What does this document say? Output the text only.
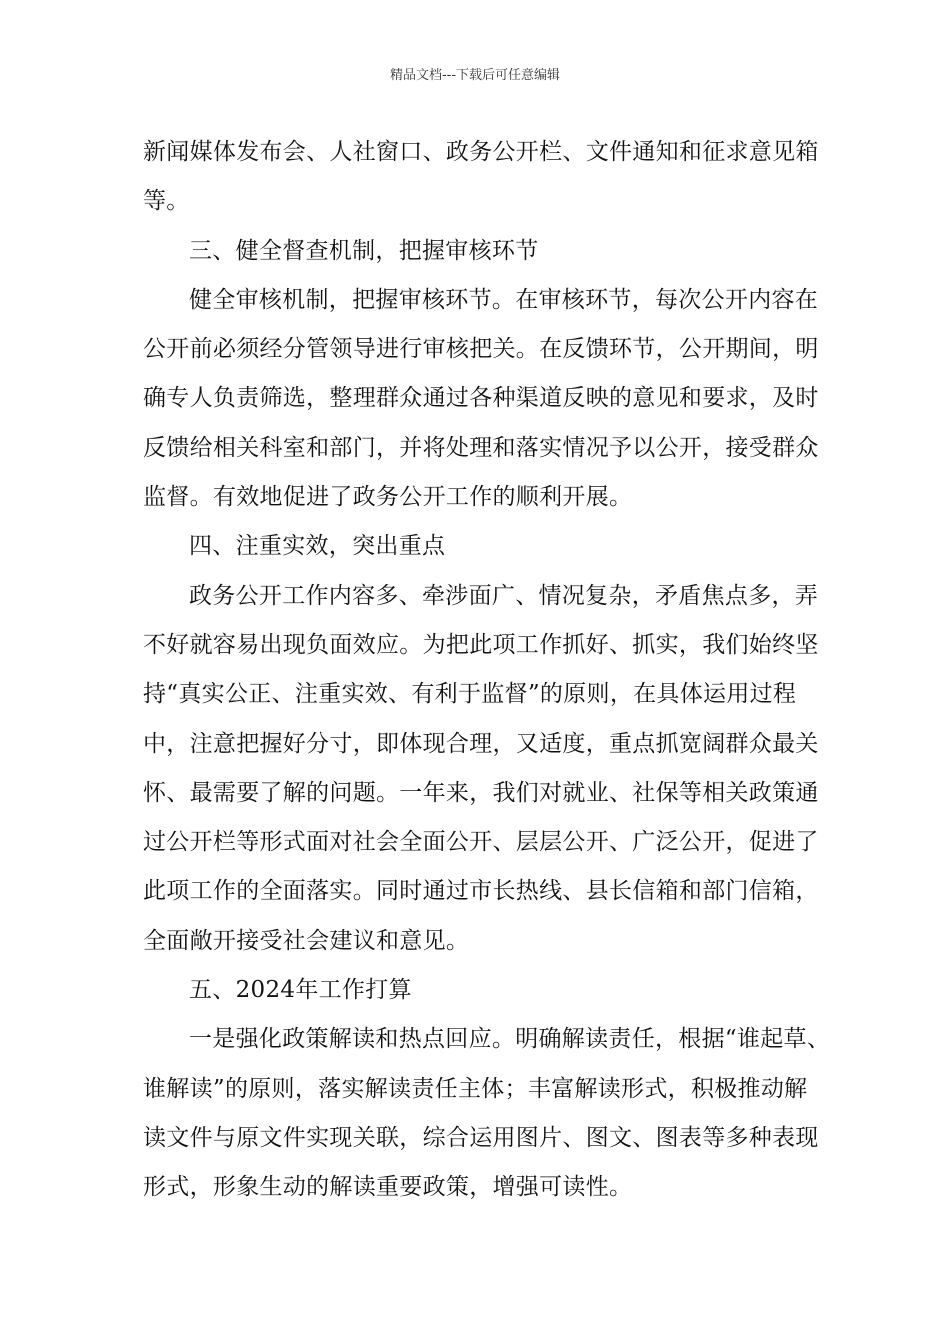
精品文档---下载后可任意编辑
新闻媒体发布会、人社窗口、政务公开栏、文件通知和征求意见箱
等。
三、健全督查机制，把握审核环节
健全审核机制，把握审核环节。在审核环节，每次公开内容在
公开前必须经分管领导进行审核把关。在反馈环节，公开期间，明
确专人负责筛选，整理群众通过各种渠道反映的意见和要求，及时
反馈给相关科室和部门，并将处理和落实情况予以公开，接受群众
监督。有效地促进了政务公开工作的顺利开展。
四、注重实效，突出重点
政务公开工作内容多、牵涉面广、情况复杂，矛盾焦点多，弄
不好就容易出现负面效应。为把此项工作抓好、抓实，我们始终坚
持“真实公正、注重实效、有利于监督”的原则，在具体运用过程
中，注意把握好分寸，即体现合理，又适度，重点抓宽阔群众最关
怀、最需要了解的问题。一年来，我们对就业、社保等相关政策通
过公开栏等形式面对社会全面公开、层层公开、广泛公开，促进了
此项工作的全面落实。同时通过市长热线、县长信箱和部门信箱，
全面敞开接受社会建议和意见。
五、2024年工作打算
一是强化政策解读和热点回应。明确解读责任，根据“谁起草、
谁解读”的原则，落实解读责任主体；丰富解读形式，积极推动解
读文件与原文件实现关联，综合运用图片、图文、图表等多种表现
形式，形象生动的解读重要政策，增强可读性。
